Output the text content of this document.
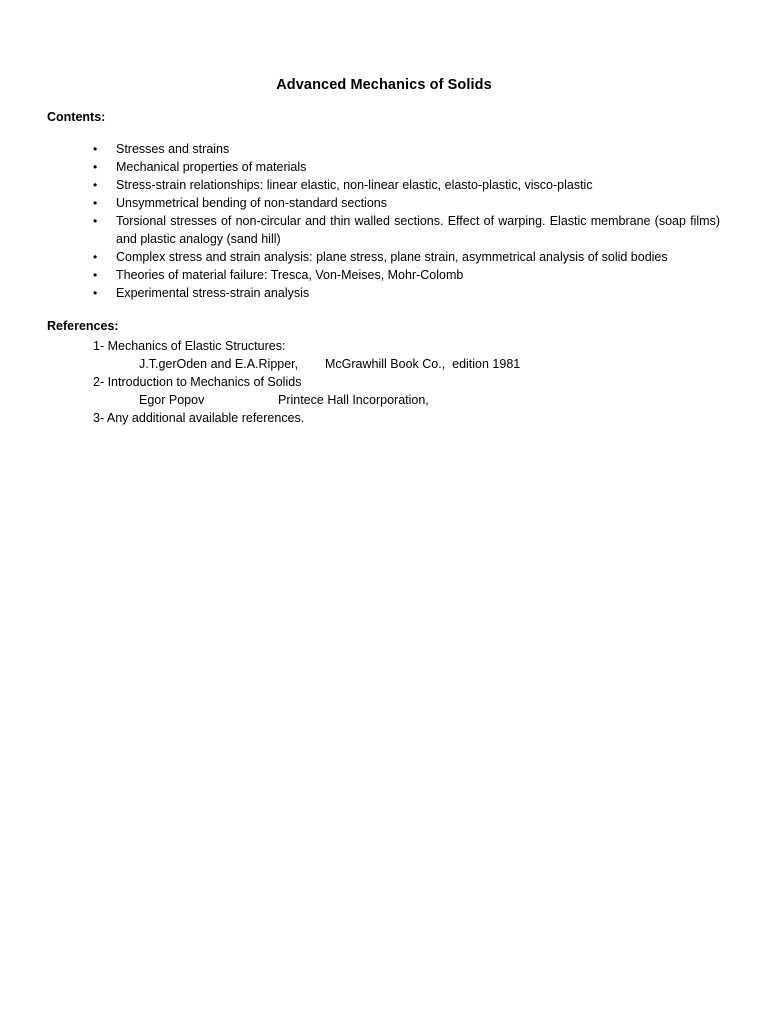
Advanced Mechanics of Solids
Contents:
• Stresses and strains
• Mechanical properties of materials
• Stress-strain relationships: linear elastic, non-linear elastic, elasto-plastic, visco-plastic
• Unsymmetrical bending of non-standard sections
• Torsional stresses of non-circular and thin walled sections. Effect of warping. Elastic membrane (soap films) and plastic analogy (sand hill)
• Complex stress and strain analysis: plane stress, plane strain, asymmetrical analysis of solid bodies
• Theories of material failure: Tresca, Von-Meises, Mohr-Colomb
• Experimental stress-strain analysis
References:
1- Mechanics of Elastic Structures:
J.T.gerOden and E.A.Ripper, McGrawhill Book Co.,  edition 1981
2- Introduction to Mechanics of Solids
Egor Popov	Printece Hall Incorporation,
3- Any additional available references.
